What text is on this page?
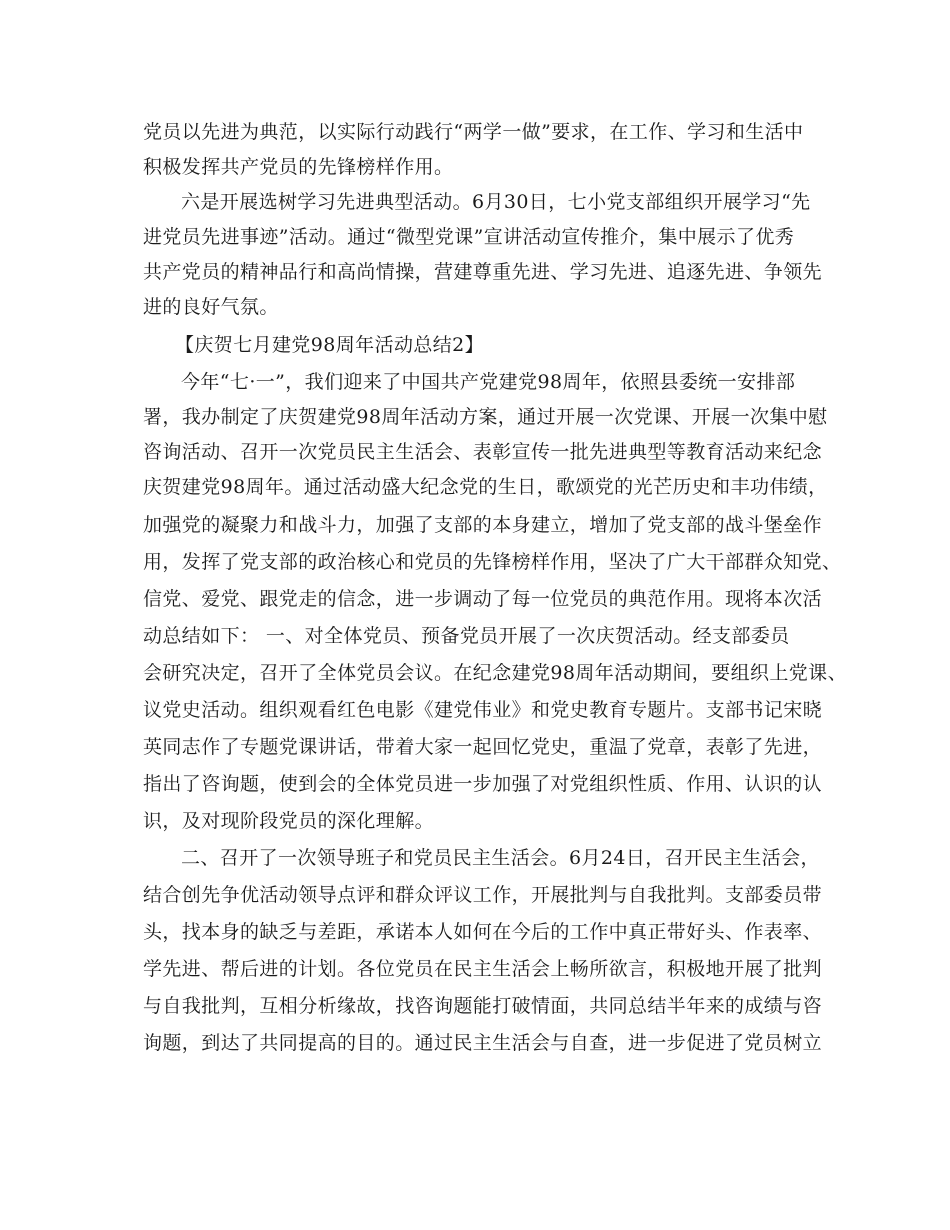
党员以先进为典范，以实际行动践行“两学一做”要求，在工作、学习和生活中
积极发挥共产党员的先锋榜样作用。
六是开展选树学习先进典型活动。6月30日，七小党支部组织开展学习“先
进党员先进事迹”活动。通过“微型党课”宣讲活动宣传推介，集中展示了优秀
共产党员的精神品行和高尚情操，营建尊重先进、学习先进、追逐先进、争领先
进的良好气氛。
【庆贺七月建党98周年活动总结2】
今年“七·一”，我们迎来了中国共产党建党98周年，依照县委统一安排部
署，我办制定了庆贺建党98周年活动方案，通过开展一次党课、开展一次集中慰
咨询活动、召开一次党员民主生活会、表彰宣传一批先进典型等教育活动来纪念
庆贺建党98周年。通过活动盛大纪念党的生日，歌颂党的光芒历史和丰功伟绩，
加强党的凝聚力和战斗力，加强了支部的本身建立，增加了党支部的战斗堡垒作
用，发挥了党支部的政治核心和党员的先锋榜样作用，坚决了广大干部群众知党、
信党、爱党、跟党走的信念，进一步调动了每一位党员的典范作用。现将本次活
动总结如下： 一、对全体党员、预备党员开展了一次庆贺活动。经支部委员
会研究决定，召开了全体党员会议。在纪念建党98周年活动期间，要组织上党课、
议党史活动。组织观看红色电影《建党伟业》和党史教育专题片。支部书记宋晓
英同志作了专题党课讲话，带着大家一起回忆党史，重温了党章，表彰了先进，
指出了咨询题，使到会的全体党员进一步加强了对党组织性质、作用、认识的认
识，及对现阶段党员的深化理解。
二、召开了一次领导班子和党员民主生活会。6月24日，召开民主生活会，
结合创先争优活动领导点评和群众评议工作，开展批判与自我批判。支部委员带
头，找本身的缺乏与差距，承诺本人如何在今后的工作中真正带好头、作表率、
学先进、帮后进的计划。各位党员在民主生活会上畅所欲言，积极地开展了批判
与自我批判，互相分析缘故，找咨询题能打破情面，共同总结半年来的成绩与咨
询题，到达了共同提高的目的。通过民主生活会与自查，进一步促进了党员树立
